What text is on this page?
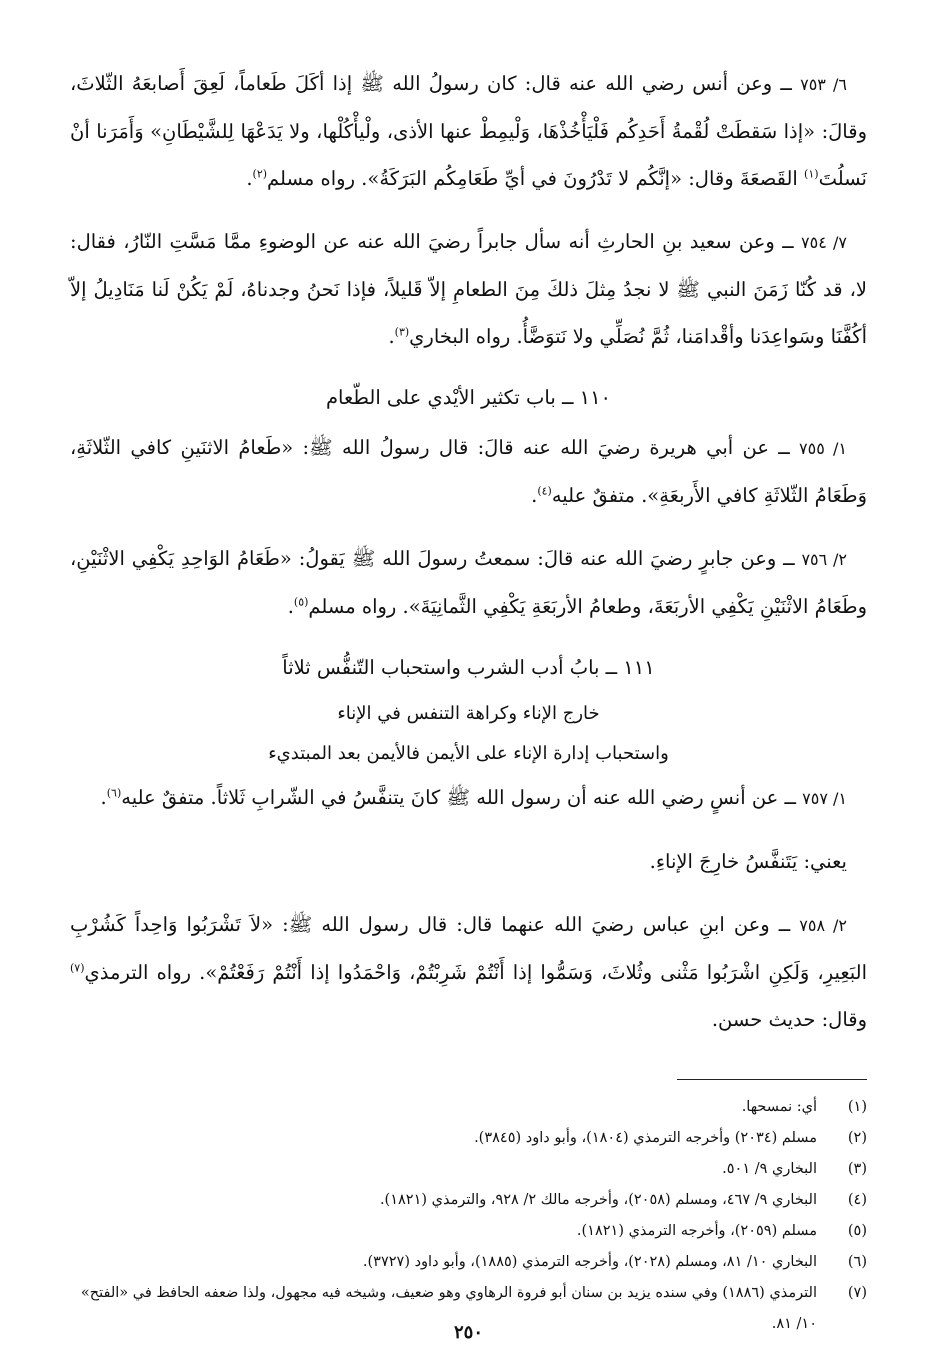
٦/ ٧٥٣ ــ وعن أنس رضي الله عنه قال: كان رسولُ الله ﷺ إذا أكَلَ طَعاماً، لَعِقَ أَصابعَهُ الثّلاثَ، وقالَ: «إذا سَقطَتْ لُقْمةُ أَحَدِكُم فَلْيَأْخُذْهَا، وَلْيمِطْ عنها الأذى، ولْيأْكُلْها، ولا يَدَعْهَا لِلشَّيْطَانِ» وَأَمَرَنا أنْ نَسلُتَ$^{(١)}$ القَصعَةَ وقال: «إنَّكُم لا تَدْرُونَ في أيِّ طَعَامِكُم البَرَكَةُ». رواه مسلم$^{(٢)}$.

٧/ ٧٥٤ ــ وعن سعيد بنِ الحارثِ أنه سأل جابراً رضيَ الله عنه عن الوضوءِ ممَّا مَسَّتِ النّارُ، فقال: لا، قد كُنّا زَمَنَ النبي ﷺ لا نجدُ مِثلَ ذلكَ مِنَ الطعامِ إلاّ قَليلاً، فإذا نَحنُ وجدناهُ، لَمْ يَكُنْ لَنا مَنَادِيلُ إلاّ أكُفَّنَا وسَواعِدَنا وأقْدامَنا، ثُمَّ نُصَلِّي ولا نَتوَضَّأُ. رواه البخاري$^{(٣)}$.

١١٠ ــ باب تكثير الأيْدي على الطّعام

١/ ٧٥٥ ــ عن أبي هريرة رضيَ الله عنه قالَ: قال رسولُ الله ﷺ: «طَعامُ الاثنَينِ كافي الثّلاثَةِ، وَطَعَامُ الثّلاثَةِ كافي الأَربعَةِ». متفقٌ عليه$^{(٤)}$.

٢/ ٧٥٦ ــ وعن جابرٍ رضيَ الله عنه قالَ: سمعتُ رسولَ الله ﷺ يَقولُ: «طَعَامُ الوَاحِدِ يَكْفِي الاثْنَيْنِ، وطَعَامُ الاثْنَيْنِ يَكْفِي الأربَعَةَ، وطعامُ الأربَعَةِ يَكْفِي الثَّمانِيَةَ». رواه مسلم$^{(٥)}$.

١١١ ــ بابُ أدب الشرب واستحباب التّنفُّس ثلاثاً
خارج الإناء وكراهة التنفس في الإناء
واستحباب إدارة الإناء على الأيمن فالأيمن بعد المبتديء

١/ ٧٥٧ ــ عن أنسٍ رضي الله عنه أن رسول الله ﷺ كانَ يتنفَّسُ في الشّرابِ ثَلاثاً. متفقٌ عليه$^{(٦)}$.

يعني: يَتَنفَّسُ خارِجَ الإناءِ.

٢/ ٧٥٨ ــ وعن ابنِ عباس رضيَ الله عنهما قال: قال رسول الله ﷺ: «لاَ تَشْرَبُوا وَاحِداً كَشُرْبِ البَعِيرِ، وَلَكِنِ اشْرَبُوا مَثْنى وثُلاثَ، وَسَمُّوا إذا أَنْتُمْ شَرِبْتُمْ، وَاحْمَدُوا إذا أَنْتُمْ رَفَعْتُمْ». رواه الترمذي$^{(٧)}$ وقال: حديث حسن.

(١)
أي: نمسحها.
(٢)
مسلم (٢٠٣٤) وأخرجه الترمذي (١٨٠٤)، وأبو داود (٣٨٤٥).
(٣)
البخاري ٩/ ٥٠١.
(٤)
البخاري ٩/ ٤٦٧، ومسلم (٢٠٥٨)، وأخرجه مالك ٢/ ٩٢٨، والترمذي (١٨٢١).
(٥)
مسلم (٢٠٥٩)، وأخرجه الترمذي (١٨٢١).
(٦)
البخاري ١٠/ ٨١، ومسلم (٢٠٢٨)، وأخرجه الترمذي (١٨٨٥)، وأبو داود (٣٧٢٧).
(٧)
الترمذي (١٨٨٦) وفي سنده يزيد بن سنان أبو فروة الرهاوي وهو ضعيف، وشيخه فيه مجهول، ولذا ضعفه الحافظ في «الفتح» ١٠/ ٨١.
٢٥٠
